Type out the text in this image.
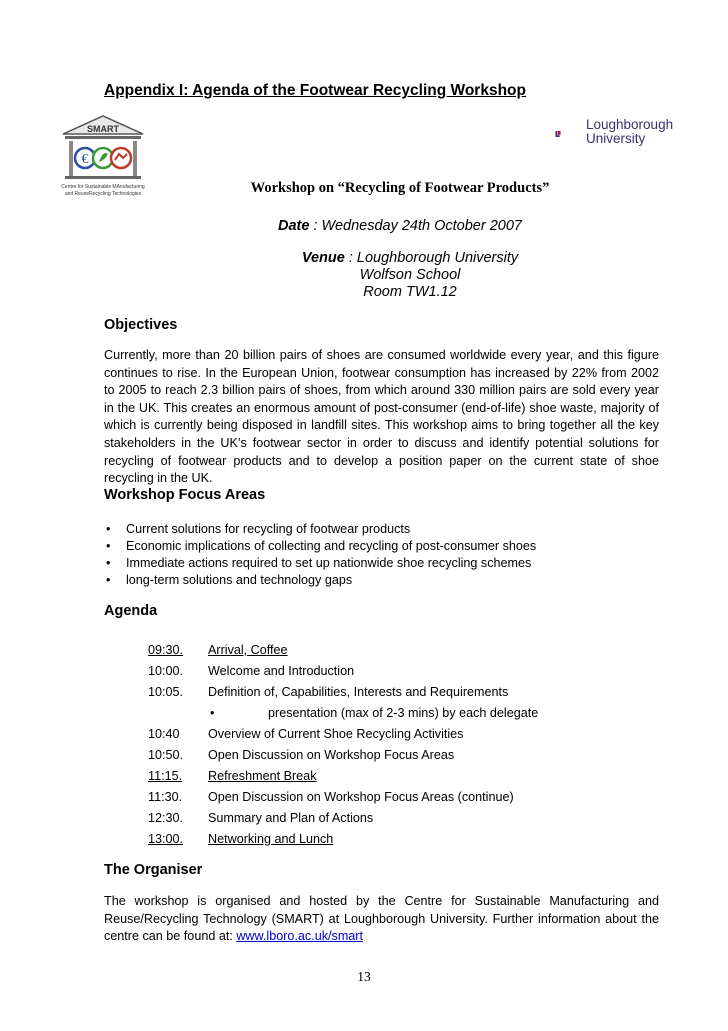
Appendix I: Agenda of the Footwear Recycling Workshop
SMART
€
Centre for Sustainable MAnufacturing
and ReuseRecycling Technologies
Loughborough
University
Workshop on “Recycling of Footwear Products”
Date : Wednesday 24th October 2007
Venue : Loughborough University
Wolfson School
Room TW1.12
Objectives
Currently, more than 20 billion pairs of shoes are consumed worldwide every year, and this figure continues to rise. In the European Union, footwear consumption has increased by 22% from 2002 to 2005 to reach 2.3 billion pairs of shoes, from which around 330 million pairs are sold every year in the UK. This creates an enormous amount of post-consumer (end-of-life) shoe waste, majority of which is currently being disposed in landfill sites. This workshop aims to bring together all the key stakeholders in the UK’s footwear sector in order to discuss and identify potential solutions for recycling of footwear products and to develop a position paper on the current state of shoe recycling in the UK.
Workshop Focus Areas
• Current solutions for recycling of footwear products
• Economic implications of collecting and recycling of post-consumer shoes
• Immediate actions required to set up nationwide shoe recycling schemes
• long-term solutions and technology gaps
Agenda
09:30. Arrival, Coffee
10:00. Welcome and Introduction
10:05. Definition of, Capabilities, Interests and Requirements
•	presentation (max of 2-3 mins) by each delegate
10:40 Overview of Current Shoe Recycling Activities
10:50. Open Discussion on Workshop Focus Areas
11:15. Refreshment Break
11:30. Open Discussion on Workshop Focus Areas (continue)
12:30. Summary and Plan of Actions
13:00. Networking and Lunch
The Organiser
The workshop is organised and hosted by the Centre for Sustainable Manufacturing and Reuse/Recycling Technology (SMART) at Loughborough University. Further information about the centre can be found at: www.lboro.ac.uk/smart
13
